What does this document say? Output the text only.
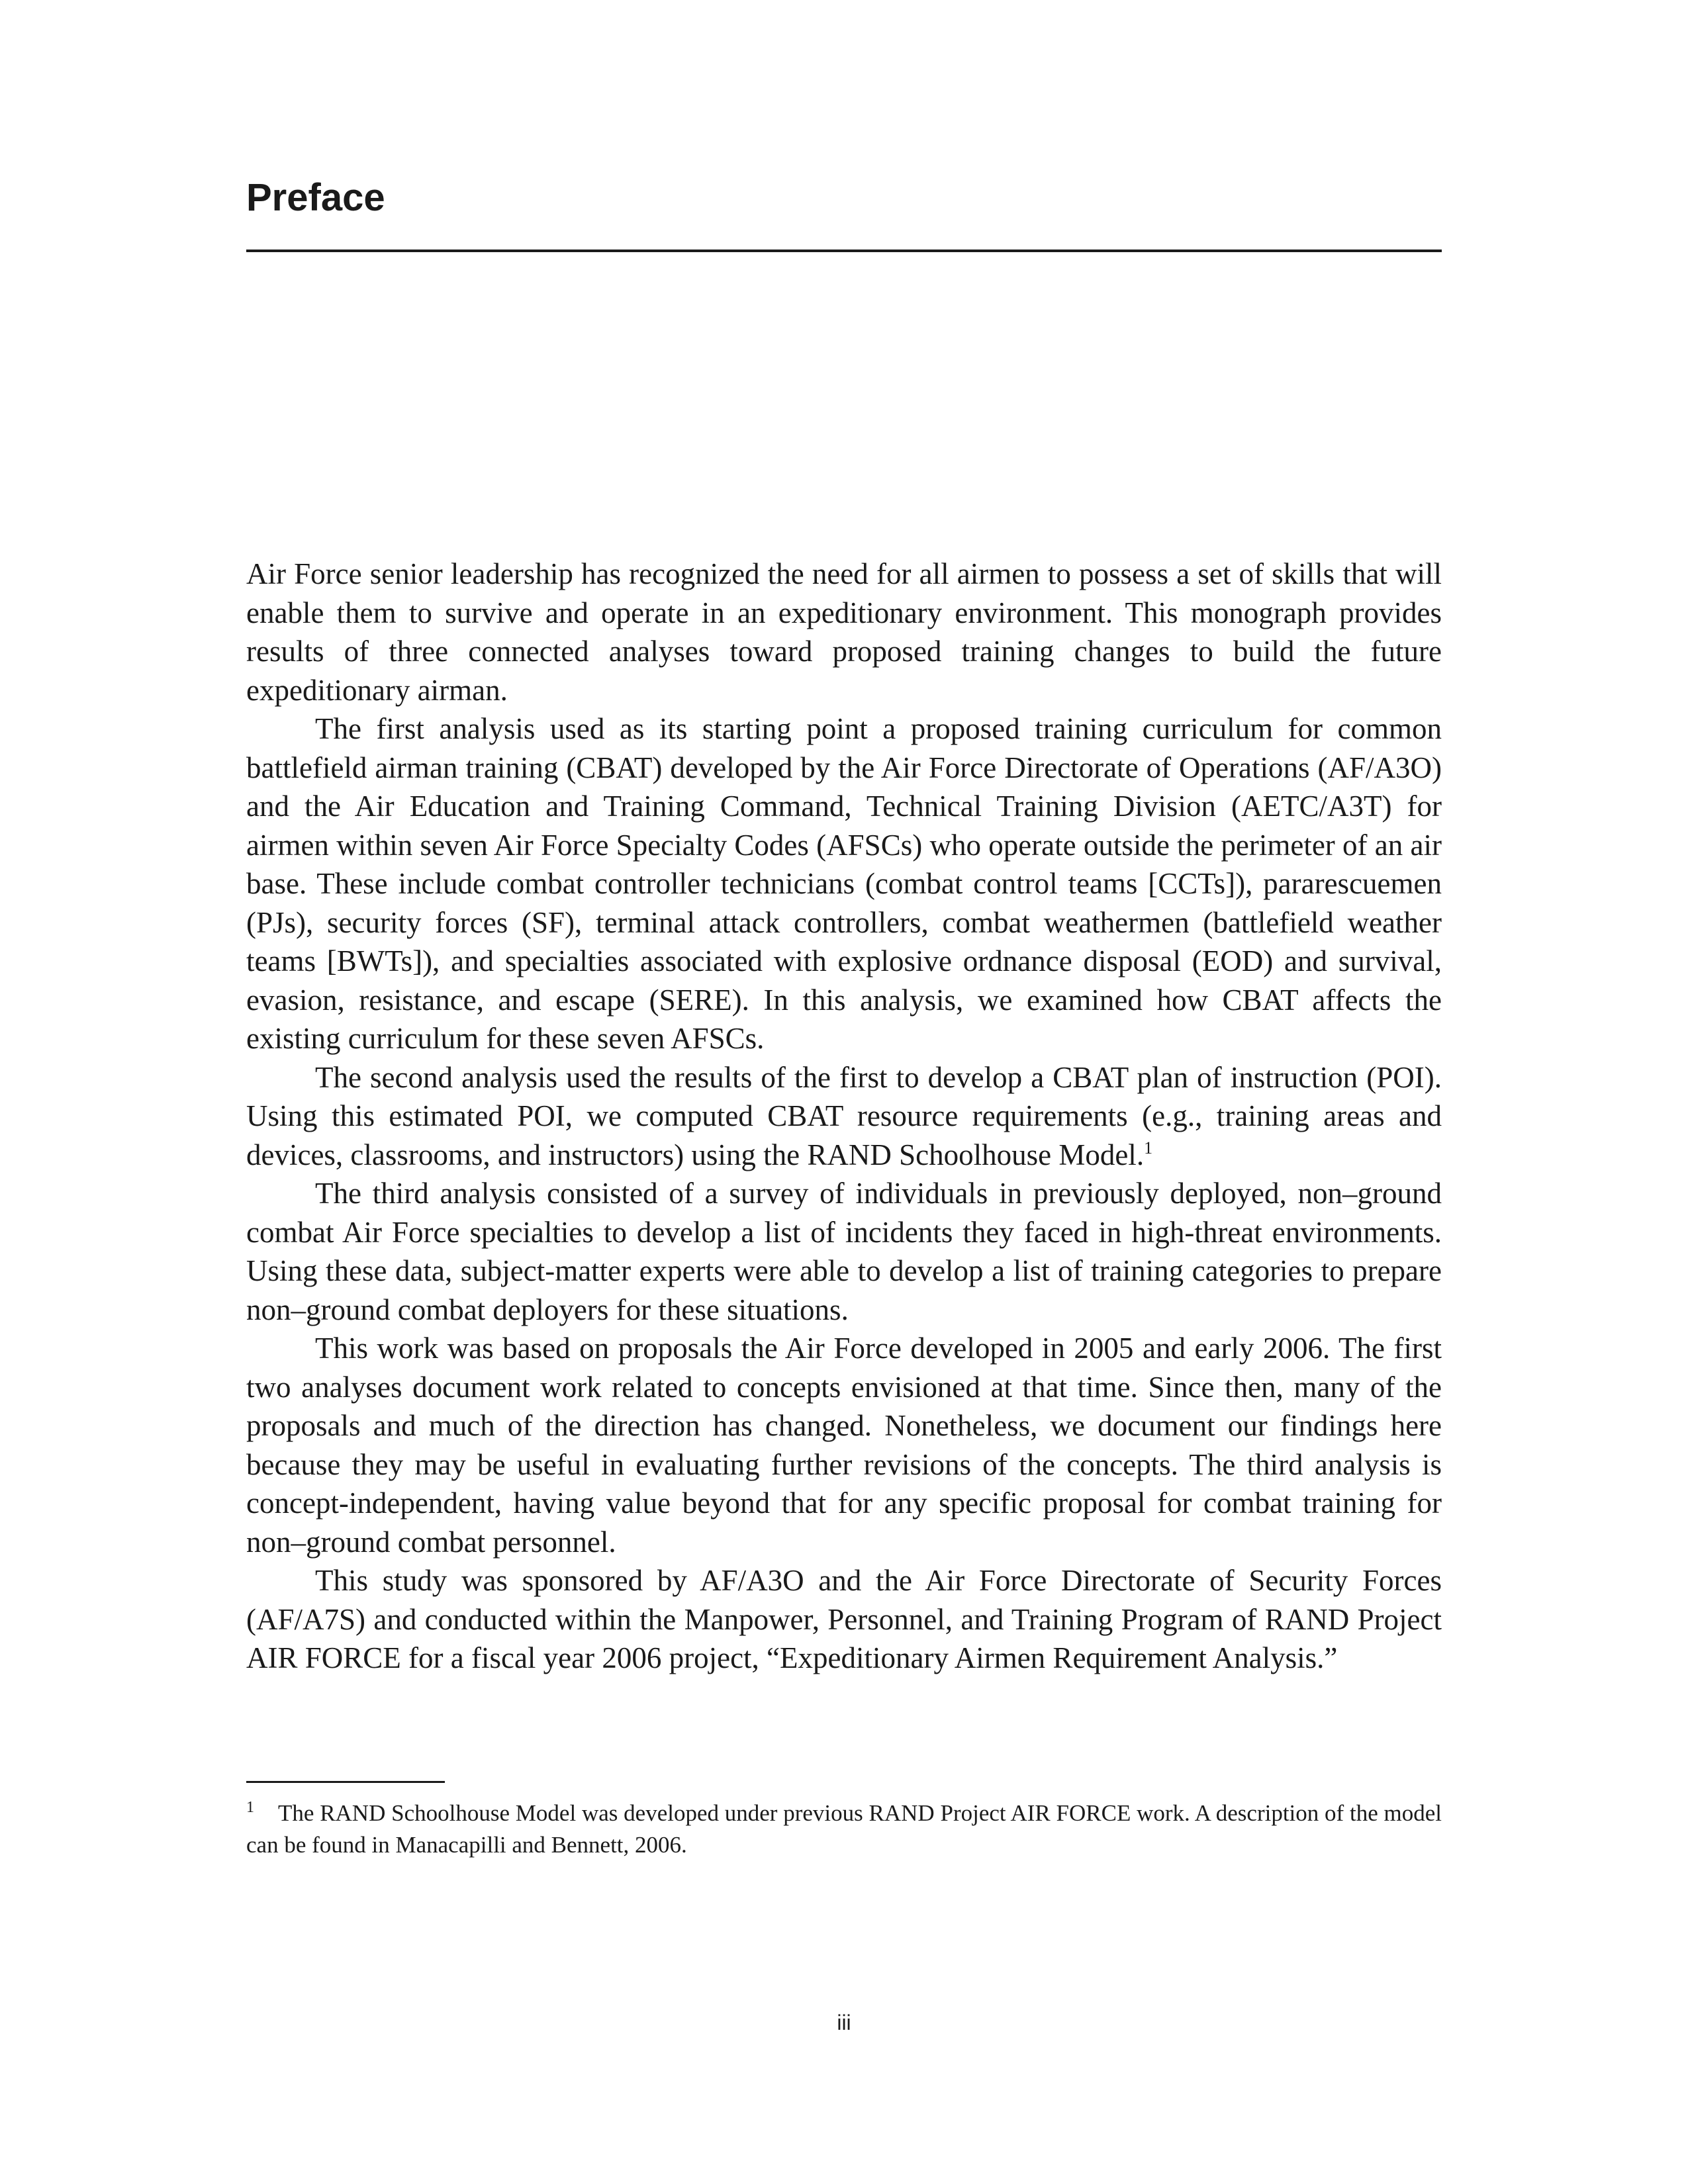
Preface

Air Force senior leadership has recognized the need for all airmen to possess a set of skills that will enable them to survive and operate in an expeditionary environment. This monograph provides results of three connected analyses toward proposed training changes to build the future expeditionary airman.

The first analysis used as its starting point a proposed training curriculum for common battlefield airman training (CBAT) developed by the Air Force Directorate of Operations (AF/A3O) and the Air Education and Training Command, Technical Training Division (AETC/A3T) for airmen within seven Air Force Specialty Codes (AFSCs) who operate outside the perimeter of an air base. These include combat controller technicians (combat control teams [CCTs]), pararescuemen (PJs), security forces (SF), terminal attack controllers, combat weathermen (battlefield weather teams [BWTs]), and specialties associated with explosive ordnance disposal (EOD) and survival, evasion, resistance, and escape (SERE). In this analysis, we examined how CBAT affects the existing curriculum for these seven AFSCs.

The second analysis used the results of the first to develop a CBAT plan of instruction (POI). Using this estimated POI, we computed CBAT resource requirements (e.g., training areas and devices, classrooms, and instructors) using the RAND Schoolhouse Model.$^1$

The third analysis consisted of a survey of individuals in previously deployed, non–ground combat Air Force specialties to develop a list of incidents they faced in high-threat environments. Using these data, subject-matter experts were able to develop a list of training categories to prepare non–ground combat deployers for these situations.

This work was based on proposals the Air Force developed in 2005 and early 2006. The first two analyses document work related to concepts envisioned at that time. Since then, many of the proposals and much of the direction has changed. Nonetheless, we document our findings here because they may be useful in evaluating further revisions of the concepts. The third analysis is concept-independent, having value beyond that for any specific proposal for combat training for non–ground combat personnel.

This study was sponsored by AF/A3O and the Air Force Directorate of Security Forces (AF/A7S) and conducted within the Manpower, Personnel, and Training Program of RAND Project AIR FORCE for a fiscal year 2006 project, “Expeditionary Airmen Requirement Analysis.”

1 The RAND Schoolhouse Model was developed under previous RAND Project AIR FORCE work. A description of the model can be found in Manacapilli and Bennett, 2006.

iii
